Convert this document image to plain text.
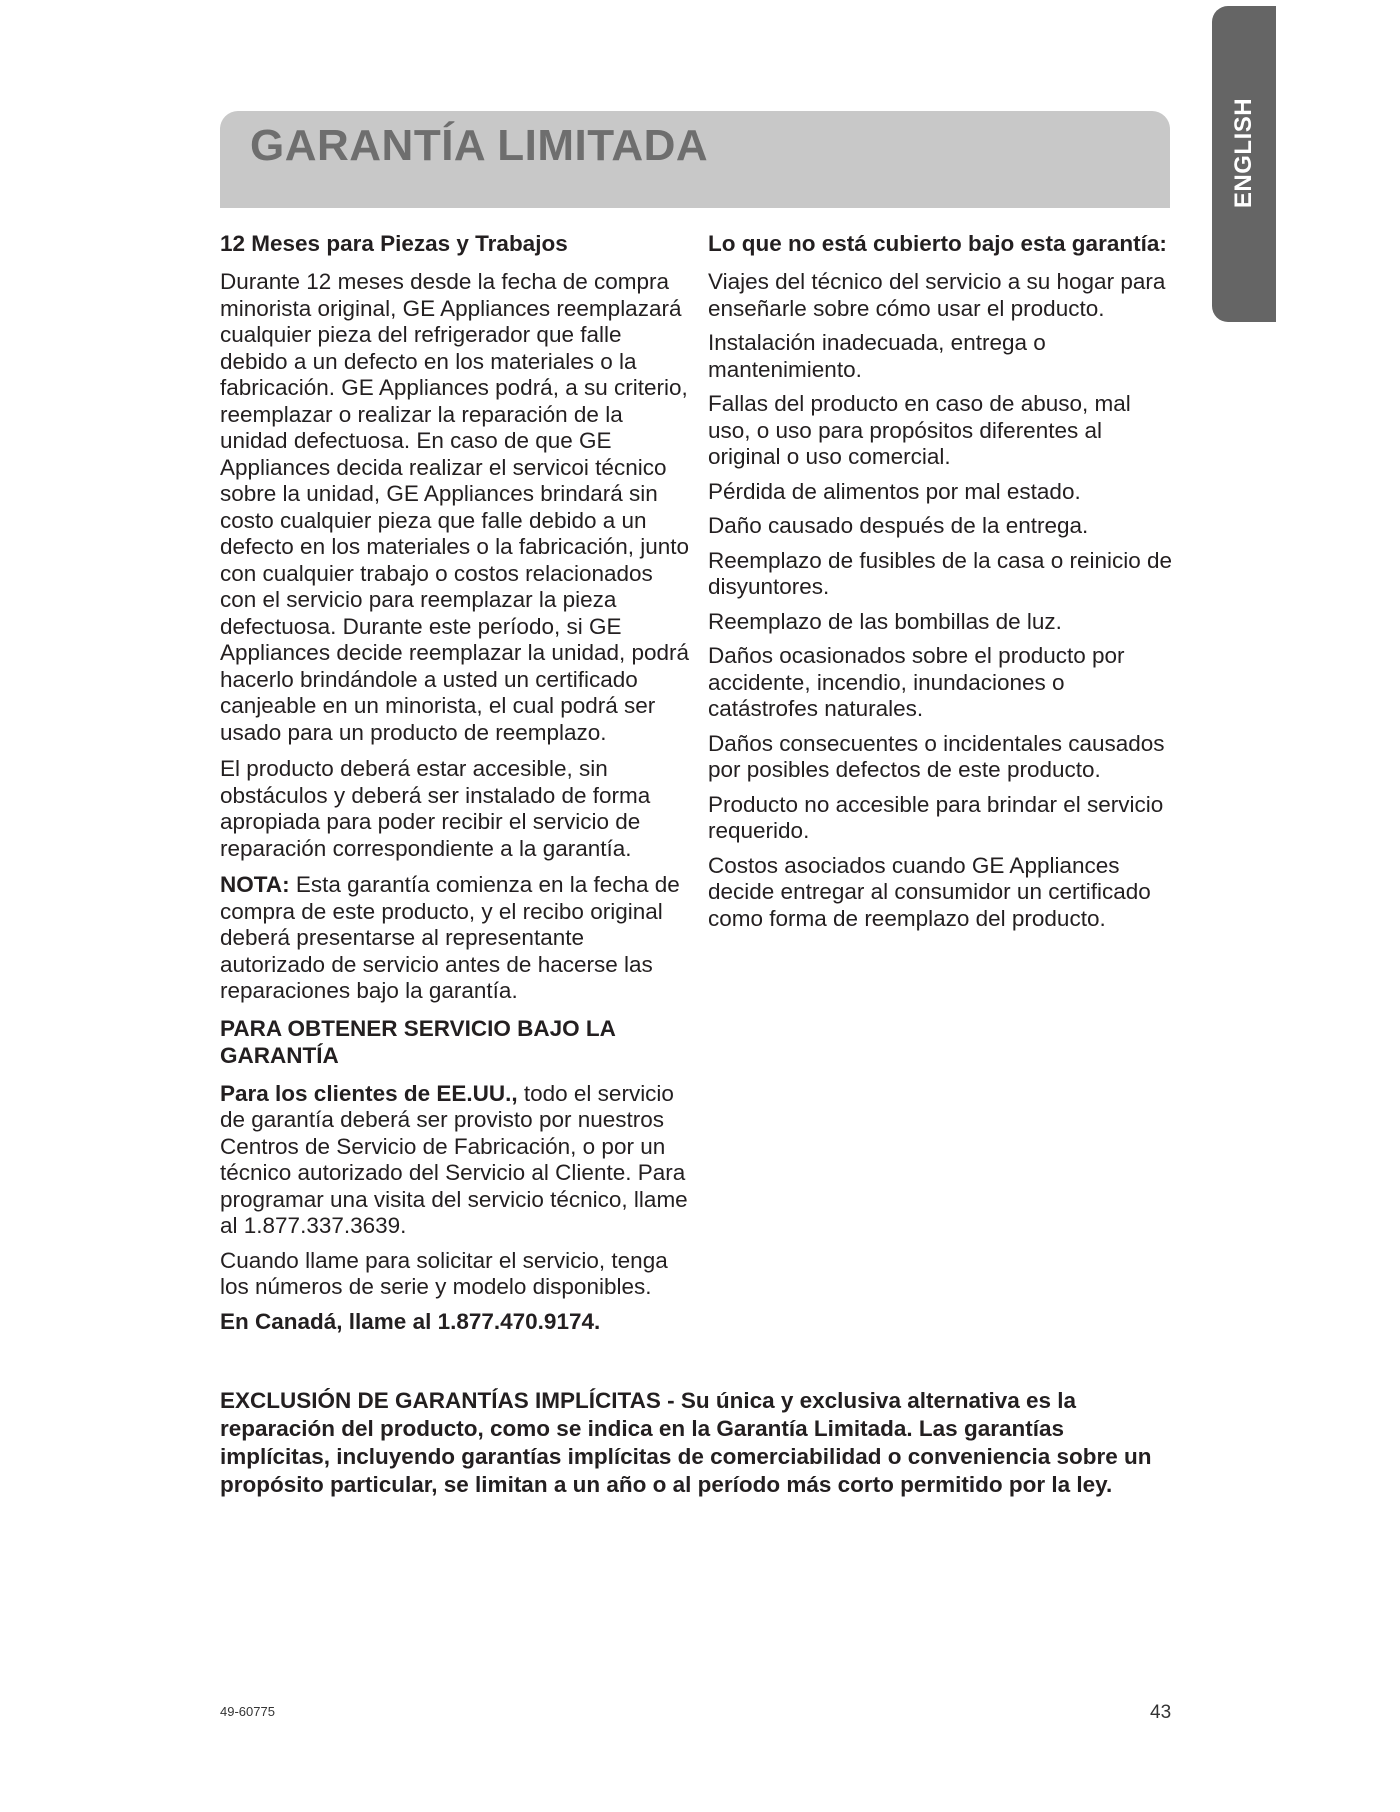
ENGLISH
GARANTÍA LIMITADA
12 Meses para Piezas y Trabajos

Durante 12 meses desde la fecha de compra minorista original, GE Appliances reemplazará cualquier pieza del refrigerador que falle debido a un defecto en los materiales o la fabricación. GE Appliances podrá, a su criterio, reemplazar o realizar la reparación de la unidad defectuosa. En caso de que GE Appliances decida realizar el servicoi técnico sobre la unidad, GE Appliances brindará sin costo cualquier pieza que falle debido a un defecto en los materiales o la fabricación, junto con cualquier trabajo o costos relacionados con el servicio para reemplazar la pieza defectuosa. Durante este período, si GE Appliances decide reemplazar la unidad, podrá hacerlo brindándole a usted un certificado canjeable en un minorista, el cual podrá ser usado para un producto de reemplazo.

El producto deberá estar accesible, sin obstáculos y deberá ser instalado de forma apropiada para poder recibir el servicio de reparación correspondiente a la garantía.

NOTA: Esta garantía comienza en la fecha de compra de este producto, y el recibo original deberá presentarse al representante autorizado de servicio antes de hacerse las reparaciones bajo la garantía.

PARA OBTENER SERVICIO BAJO LA GARANTÍA

Para los clientes de EE.UU., todo el servicio de garantía deberá ser provisto por nuestros Centros de Servicio de Fabricación, o por un técnico autorizado del Servicio al Cliente. Para programar una visita del servicio técnico, llame al 1.877.337.3639.

Cuando llame para solicitar el servicio, tenga los números de serie y modelo disponibles.

En Canadá, llame al 1.877.470.9174.

Lo que no está cubierto bajo esta garantía:

Viajes del técnico del servicio a su hogar para enseñarle sobre cómo usar el producto.

Instalación inadecuada, entrega o mantenimiento.

Fallas del producto en caso de abuso, mal uso, o uso para propósitos diferentes al original o uso comercial.

Pérdida de alimentos por mal estado.

Daño causado después de la entrega.

Reemplazo de fusibles de la casa o reinicio de disyuntores.

Reemplazo de las bombillas de luz.

Daños ocasionados sobre el producto por accidente, incendio, inundaciones o catástrofes naturales.

Daños consecuentes o incidentales causados por posibles defectos de este producto.

Producto no accesible para brindar el servicio requerido.

Costos asociados cuando GE Appliances decide entregar al consumidor un certificado como forma de reemplazo del producto.

EXCLUSIÓN DE GARANTÍAS IMPLÍCITAS - Su única y exclusiva alternativa es la reparación del producto, como se indica en la Garantía Limitada. Las garantías implícitas, incluyendo garantías implícitas de comerciabilidad o conveniencia sobre un propósito particular, se limitan a un año o al período más corto permitido por la ley.

49-60775	43
